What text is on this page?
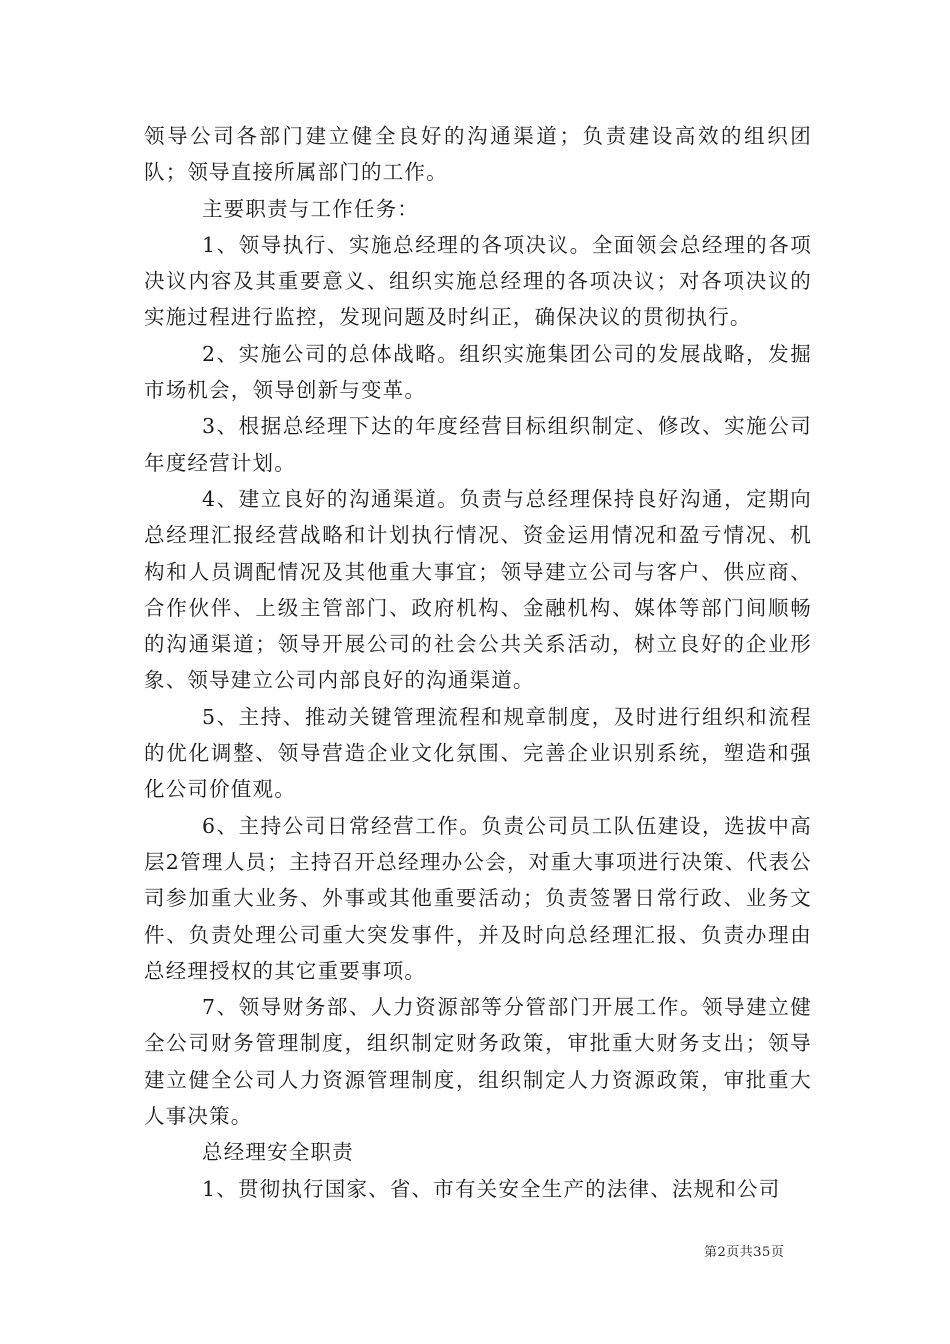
领导公司各部门建立健全良好的沟通渠道；负责建设高效的组织团队；领导直接所属部门的工作。

主要职责与工作任务：

1、领导执行、实施总经理的各项决议。全面领会总经理的各项决议内容及其重要意义、组织实施总经理的各项决议；对各项决议的实施过程进行监控，发现问题及时纠正，确保决议的贯彻执行。

2、实施公司的总体战略。组织实施集团公司的发展战略，发掘市场机会，领导创新与变革。

3、根据总经理下达的年度经营目标组织制定、修改、实施公司年度经营计划。

4、建立良好的沟通渠道。负责与总经理保持良好沟通，定期向总经理汇报经营战略和计划执行情况、资金运用情况和盈亏情况、机构和人员调配情况及其他重大事宜；领导建立公司与客户、供应商、合作伙伴、上级主管部门、政府机构、金融机构、媒体等部门间顺畅的沟通渠道；领导开展公司的社会公共关系活动，树立良好的企业形象、领导建立公司内部良好的沟通渠道。

5、主持、推动关键管理流程和规章制度，及时进行组织和流程的优化调整、领导营造企业文化氛围、完善企业识别系统，塑造和强化公司价值观。

6、主持公司日常经营工作。负责公司员工队伍建设，选拔中高层2管理人员；主持召开总经理办公会，对重大事项进行决策、代表公司参加重大业务、外事或其他重要活动；负责签署日常行政、业务文件、负责处理公司重大突发事件，并及时向总经理汇报、负责办理由总经理授权的其它重要事项。

7、领导财务部、人力资源部等分管部门开展工作。领导建立健全公司财务管理制度，组织制定财务政策，审批重大财务支出；领导建立健全公司人力资源管理制度，组织制定人力资源政策，审批重大人事决策。

总经理安全职责

1、贯彻执行国家、省、市有关安全生产的法律、法规和公司

第2页共35页
